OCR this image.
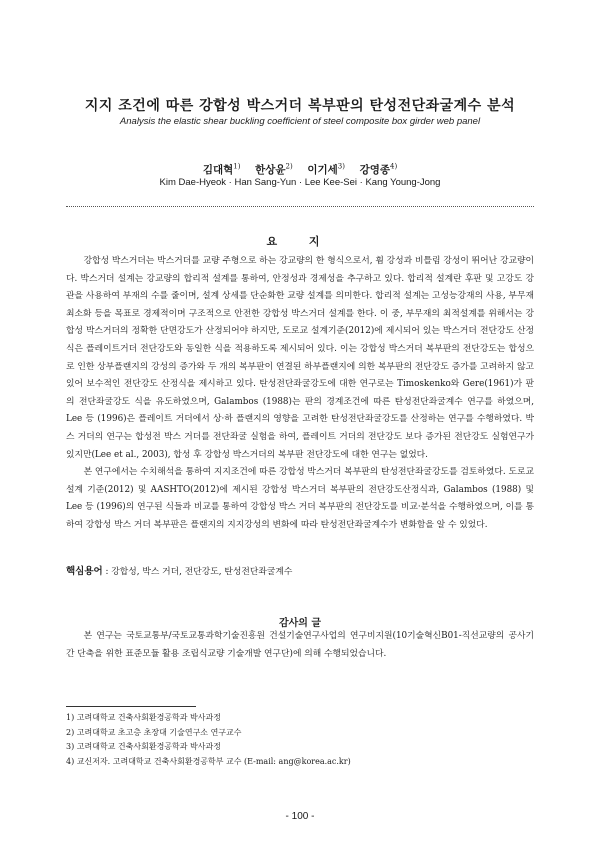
지지 조건에 따른 강합성 박스거더 복부판의 탄성전단좌굴계수 분석
Analysis the elastic shear buckling coefficient of steel composite box girder web panel
김대혁$^{1)}$ 한상윤$^{2)}$ 이기세$^{3)}$ 강영종$^{4)}$
Kim Dae-Hyeok · Han Sang-Yun · Lee Kee-Sei · Kang Young-Jong
요 지

강합성 박스거더는 박스거더를 교량 주형으로 하는 강교량의 한 형식으로서, 휨 강성과 비틀림 강성이 뛰어난 강교량이다. 박스거더 설계는 강교량의 합리적 설계를 통하여, 안정성과 경제성을 추구하고 있다. 합리적 설계란 후판 및 고강도 강관을 사용하여 부재의 수를 줄이며, 설계 상세를 단순화한 교량 설계를 의미한다. 합리적 설계는 고성능강재의 사용, 부무재 최소화 등을 목표로 경제적이며 구조적으로 안전한 강합성 박스거더 설계를 한다. 이 중, 부무재의 최적설계를 위해서는 강합성 박스거더의 정확한 단면강도가 산정되어야 하지만, 도로교 설계기준(2012)에 제시되어 있는 박스거더 전단강도 산정식은 플레이트거더 전단강도와 동일한 식을 적용하도록 제시되어 있다. 이는 강합성 박스거더 복부판의 전단강도는 합성으로 인한 상부플랜지의 강성의 증가와 두 개의 복부판이 연결된 하부플랜지에 의한 복부판의 전단강도 증가를 고려하지 않고 있어 보수적인 전단강도 산정식을 제시하고 있다. 탄성전단좌굴강도에 대한 연구로는 Timoskenko와 Gere(1961)가 판의 전단좌굴강도 식을 유도하였으며, Galambos (1988)는 판의 경계조건에 따른 탄성전단좌굴계수 연구를 하였으며, Lee 등 (1996)은 플레이트 거더에서 상·하 플랜지의 영향을 고려한 탄성전단좌굴강도를 산정하는 연구를 수행하였다. 박스 거더의 연구는 합성전 박스 거더를 전단좌굴 실험을 하여, 플레이트 거더의 전단강도 보다 증가된 전단강도 실험연구가 있지만(Lee et al., 2003), 합성 후 강합성 박스거더의 복부판 전단강도에 대한 연구는 없었다.

본 연구에서는 수치해석을 통하여 지지조건에 따른 강합성 박스거더 복부판의 탄성전단좌굴강도를 검토하였다. 도로교 설계 기준(2012) 및 AASHTO(2012)에 제시된 강합성 박스거더 복부판의 전단강도산정식과, Galambos (1988) 및 Lee 등 (1996)의 연구된 식들과 비교를 통하여 강합성 박스 거더 복부판의 전단강도를 비교·분석을 수행하였으며, 이를 통하여 강합성 박스 거더 복부판은 플랜지의 지지강성의 변화에 따라 탄성전단좌굴계수가 변화함을 알 수 있었다.

핵심용어 : 강합성, 박스 거더, 전단강도, 탄성전단좌굴계수
감사의 글

본 연구는 국토교통부/국토교통과학기술진흥원 건설기술연구사업의 연구비지원(10기술혁신B01-직선교량의 공사기간 단축을 위한 표준모듈 활용 조립식교량 기술개발 연구단)에 의해 수행되었습니다.

1) 고려대학교 건축사회환경공학과 박사과정
2) 고려대학교 초고층 초장대 기술연구소 연구교수
3) 고려대학교 건축사회환경공학과 박사과정
4) 교신저자. 고려대학교 건축사회환경공학부 교수 (E-mail: ang@korea.ac.kr)
- 100 -
